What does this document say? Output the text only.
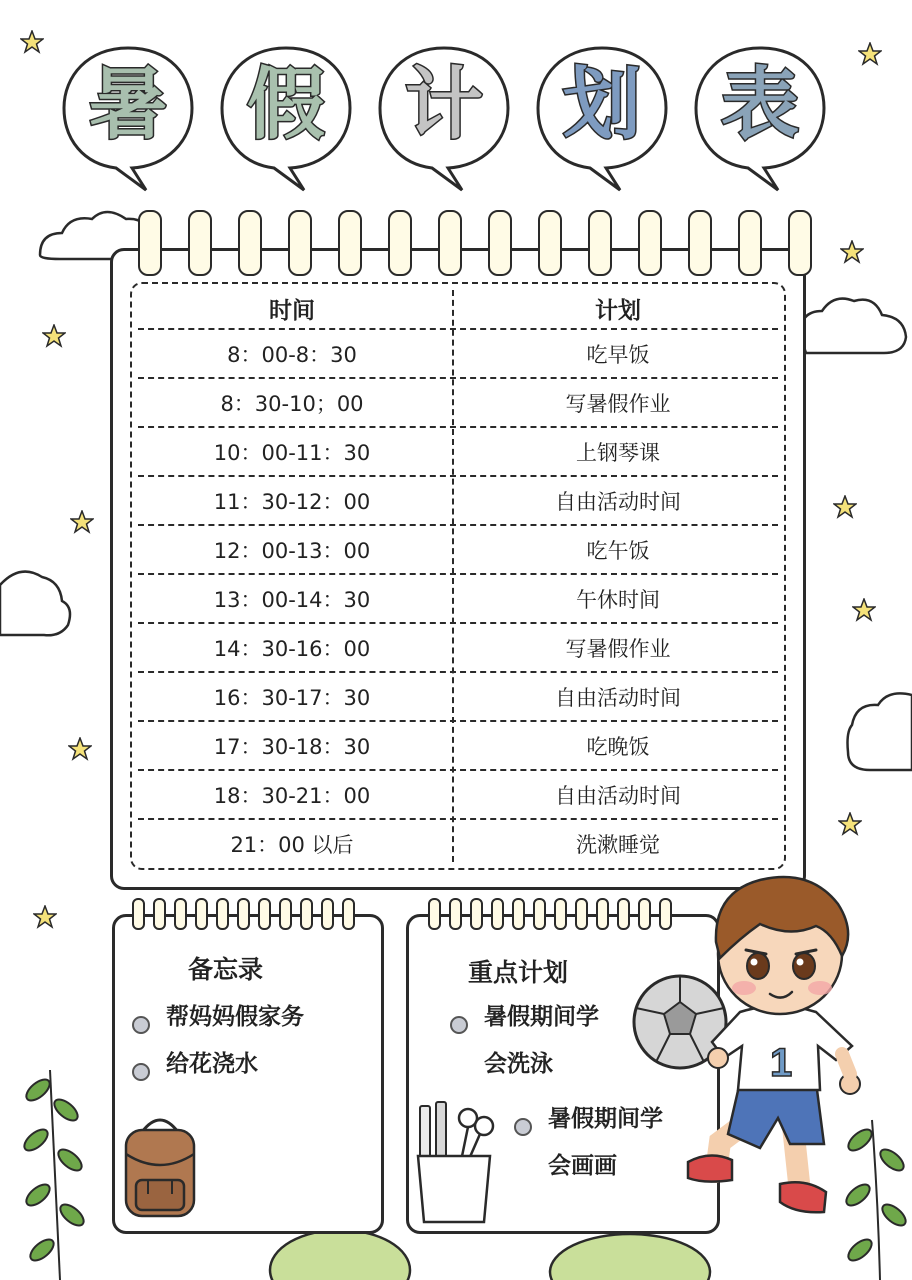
暑	假	计	划	表
时间	计划
8：00-8：30	吃早饭
8：30-10；00	写暑假作业
10：00-11：30	上钢琴课
11：30-12：00	自由活动时间
12：00-13：00	吃午饭
13：00-14：30	午休时间
14：30-16：00	写暑假作业
16：30-17：30	自由活动时间
17：30-18：30	吃晚饭
18：30-21：00	自由活动时间
21：00 以后	洗漱睡觉
备忘录
帮妈妈假家务
给花浇水
重点计划
暑假期间学
会洗泳
暑假期间学
会画画
1
